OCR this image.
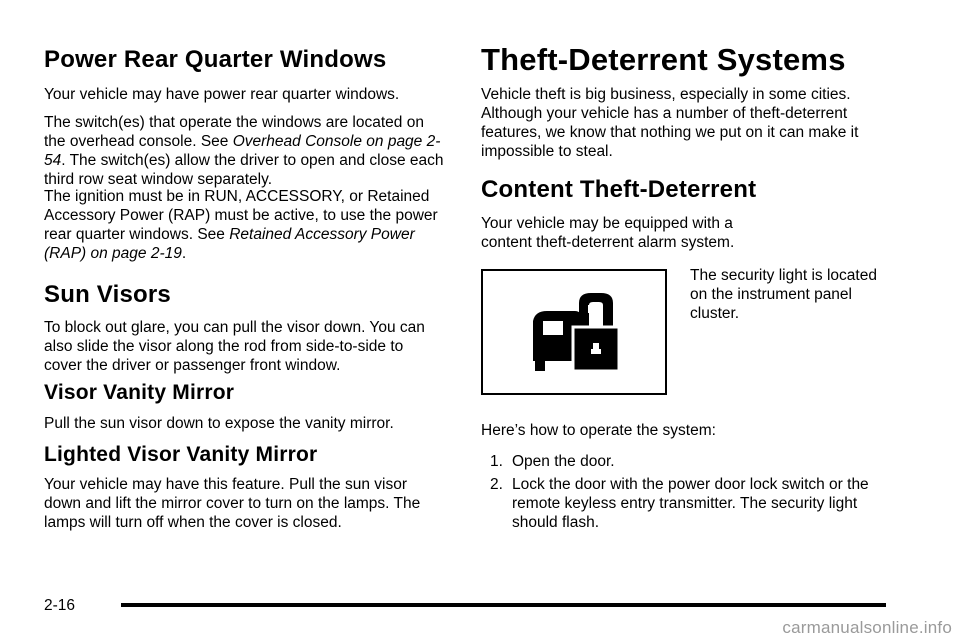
Power Rear Quarter Windows

Your vehicle may have power rear quarter windows.

The switch(es) that operate the windows are located on the overhead console. See Overhead Console on page 2-54. The switch(es) allow the driver to open and close each third row seat window separately.

The ignition must be in RUN, ACCESSORY, or Retained Accessory Power (RAP) must be active, to use the power rear quarter windows. See Retained Accessory Power (RAP) on page 2-19.

Sun Visors

To block out glare, you can pull the visor down. You can also slide the visor along the rod from side-to-side to cover the driver or passenger front window.

Visor Vanity Mirror

Pull the sun visor down to expose the vanity mirror.

Lighted Visor Vanity Mirror

Your vehicle may have this feature. Pull the sun visor down and lift the mirror cover to turn on the lamps. The lamps will turn off when the cover is closed.

Theft-Deterrent Systems

Vehicle theft is big business, especially in some cities. Although your vehicle has a number of theft-deterrent features, we know that nothing we put on it can make it impossible to steal.

Content Theft-Deterrent

Your vehicle may be equipped with a content theft-deterrent alarm system.

The security light is located on the instrument panel cluster.

Here’s how to operate the system:

1. Open the door.
2. Lock the door with the power door lock switch or the remote keyless entry transmitter. The security light should flash.
2-16
carmanualsonline.info
